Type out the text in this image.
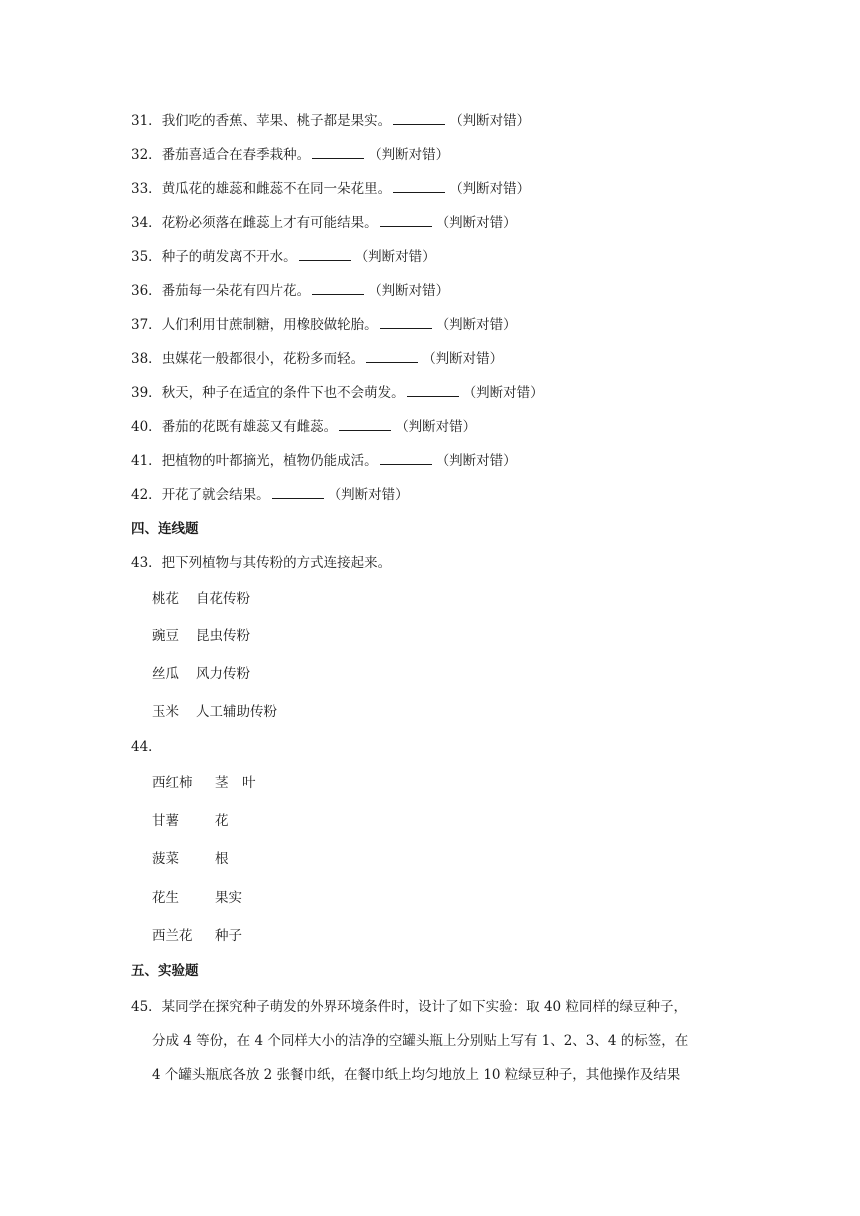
31．我们吃的香蕉、苹果、桃子都是果实。	（判断对错）
32．番茄喜适合在春季栽种。	（判断对错）
33．黄瓜花的雄蕊和雌蕊不在同一朵花里。	（判断对错）
34．花粉必须落在雌蕊上才有可能结果。	（判断对错）
35．种子的萌发离不开水。	（判断对错）
36．番茄每一朵花有四片花。	（判断对错）
37．人们利用甘蔗制糖，用橡胶做轮胎。	（判断对错）
38．虫媒花一般都很小，花粉多而轻。	（判断对错）
39．秋天，种子在适宜的条件下也不会萌发。	（判断对错）
40．番茄的花既有雄蕊又有雌蕊。	（判断对错）
41．把植物的叶都摘光，植物仍能成活。	（判断对错）
42．开花了就会结果。	（判断对错）
四、连线题
43．把下列植物与其传粉的方式连接起来。
桃花 自花传粉
豌豆 昆虫传粉
丝瓜 风力传粉
玉米 人工辅助传粉
44．
西红柿 茎　叶
甘薯	花
菠菜	根
花生	果实
西兰花 种子
五、实验题
45．某同学在探究种子萌发的外界环境条件时，设计了如下实验：取 40 粒同样的绿豆种子，
分成 4 等份，在 4 个同样大小的洁净的空罐头瓶上分别贴上写有 1、2、3、4 的标签，在
4 个罐头瓶底各放 2 张餐巾纸，在餐巾纸上均匀地放上 10 粒绿豆种子，其他操作及结果
